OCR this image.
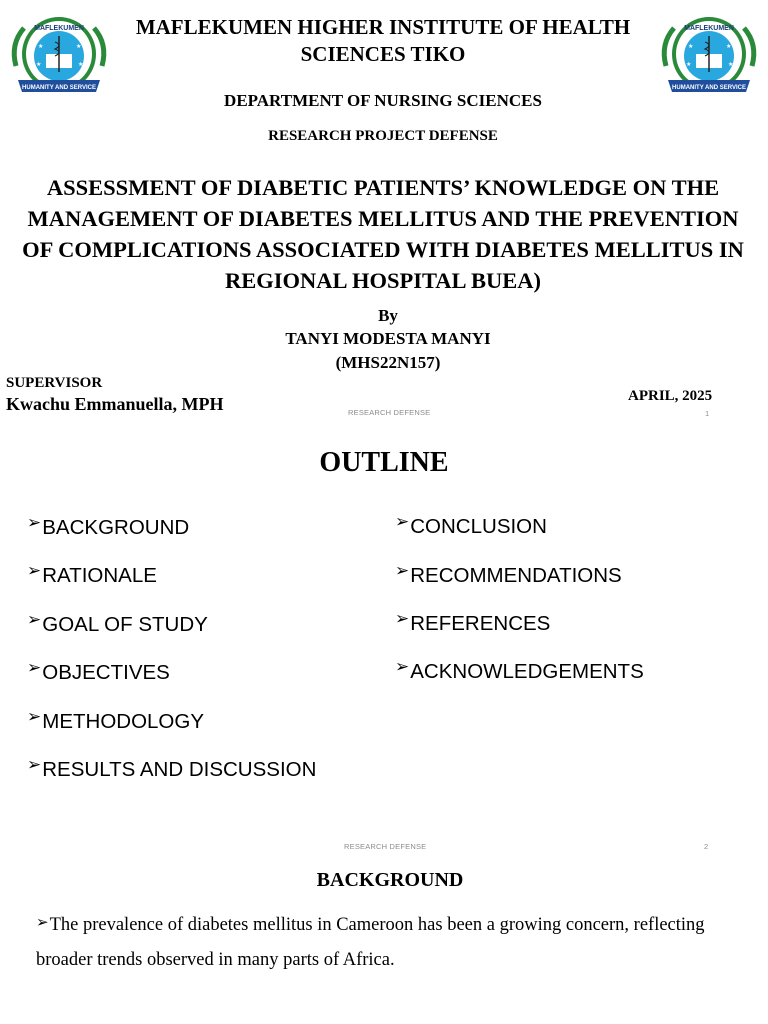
MAFLEKUMEN
★	★
★	★
HUMANITY AND SERVICE
MAFLEKUMEN
★	★
★	★
HUMANITY AND SERVICE
MAFLEKUMEN HIGHER INSTITUTE OF HEALTH SCIENCES TIKO
DEPARTMENT OF NURSING SCIENCES
RESEARCH PROJECT DEFENSE
ASSESSMENT OF DIABETIC PATIENTS’ KNOWLEDGE ON THE MANAGEMENT OF DIABETES MELLITUS AND THE PREVENTION OF COMPLICATIONS ASSOCIATED WITH DIABETES MELLITUS IN REGIONAL HOSPITAL BUEA)
By
TANYI MODESTA MANYI
(MHS22N157)
SUPERVISOR
Kwachu Emmanuella, MPH	APRIL, 2025
RESEARCH DEFENSE	1
OUTLINE
➢BACKGROUND
➢RATIONALE
➢GOAL OF STUDY
➢OBJECTIVES
➢METHODOLOGY
➢RESULTS AND DISCUSSION
➢CONCLUSION
➢RECOMMENDATIONS
➢REFERENCES
➢ACKNOWLEDGEMENTS
RESEARCH DEFENSE	2
BACKGROUND
➢The prevalence of diabetes mellitus in Cameroon has been a growing concern, reflecting broader trends observed in many parts of Africa.
